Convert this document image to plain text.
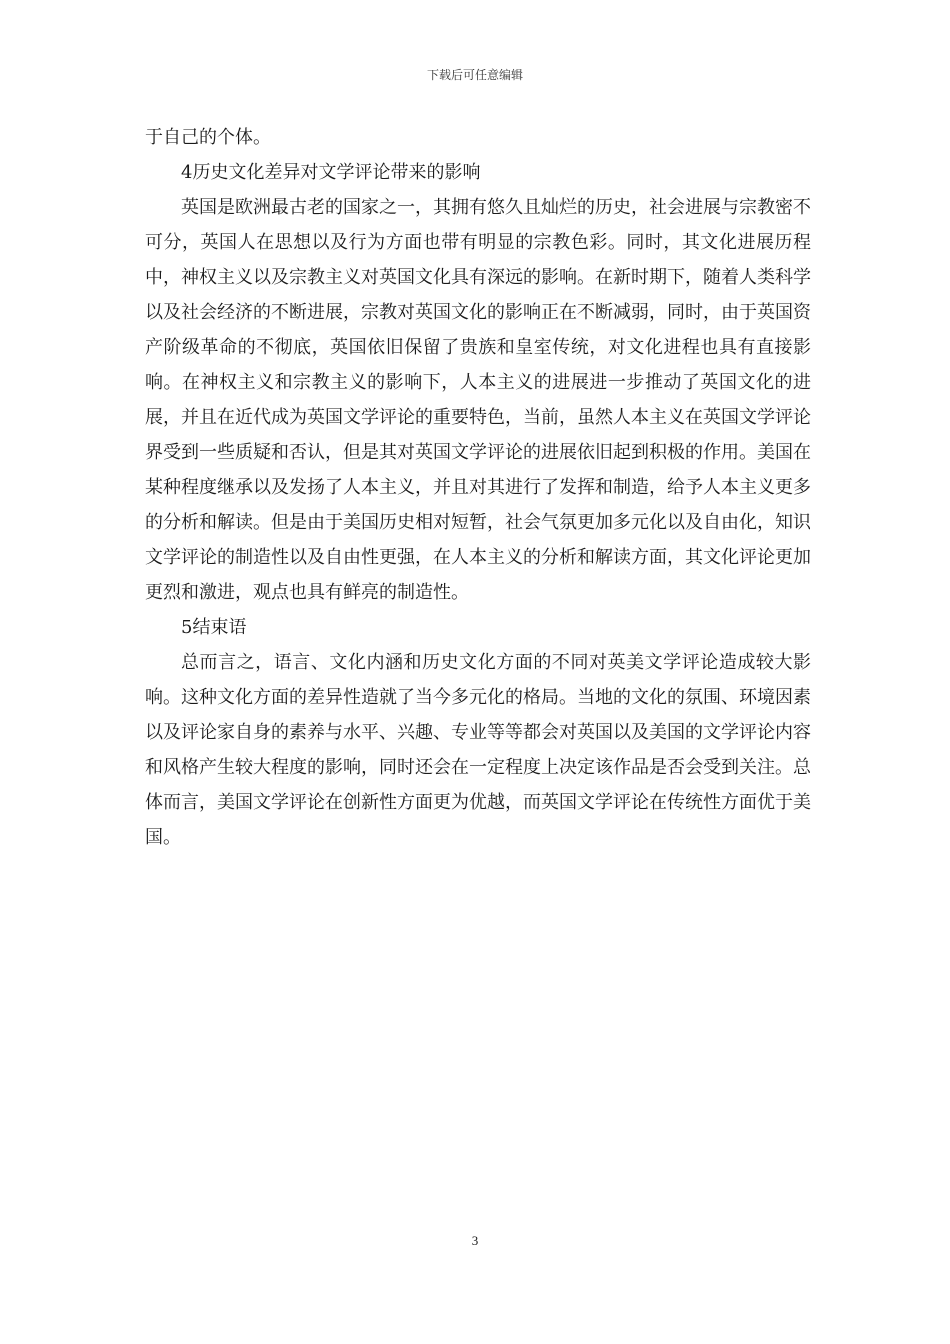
下载后可任意编辑

于自己的个体。

4历史文化差异对文学评论带来的影响

英国是欧洲最古老的国家之一，其拥有悠久且灿烂的历史，社会进展与宗教密不可分，英国人在思想以及行为方面也带有明显的宗教色彩。同时，其文化进展历程中，神权主义以及宗教主义对英国文化具有深远的影响。在新时期下，随着人类科学以及社会经济的不断进展，宗教对英国文化的影响正在不断减弱，同时，由于英国资产阶级革命的不彻底，英国依旧保留了贵族和皇室传统，对文化进程也具有直接影响。在神权主义和宗教主义的影响下，人本主义的进展进一步推动了英国文化的进展，并且在近代成为英国文学评论的重要特色，当前，虽然人本主义在英国文学评论界受到一些质疑和否认，但是其对英国文学评论的进展依旧起到积极的作用。美国在某种程度继承以及发扬了人本主义，并且对其进行了发挥和制造，给予人本主义更多的分析和解读。但是由于美国历史相对短暂，社会气氛更加多元化以及自由化，知识文学评论的制造性以及自由性更强，在人本主义的分析和解读方面，其文化评论更加更烈和激进，观点也具有鲜亮的制造性。

5结束语

总而言之，语言、文化内涵和历史文化方面的不同对英美文学评论造成较大影响。这种文化方面的差异性造就了当今多元化的格局。当地的文化的氛围、环境因素以及评论家自身的素养与水平、兴趣、专业等等都会对英国以及美国的文学评论内容和风格产生较大程度的影响，同时还会在一定程度上决定该作品是否会受到关注。总体而言，美国文学评论在创新性方面更为优越，而英国文学评论在传统性方面优于美国。

3
